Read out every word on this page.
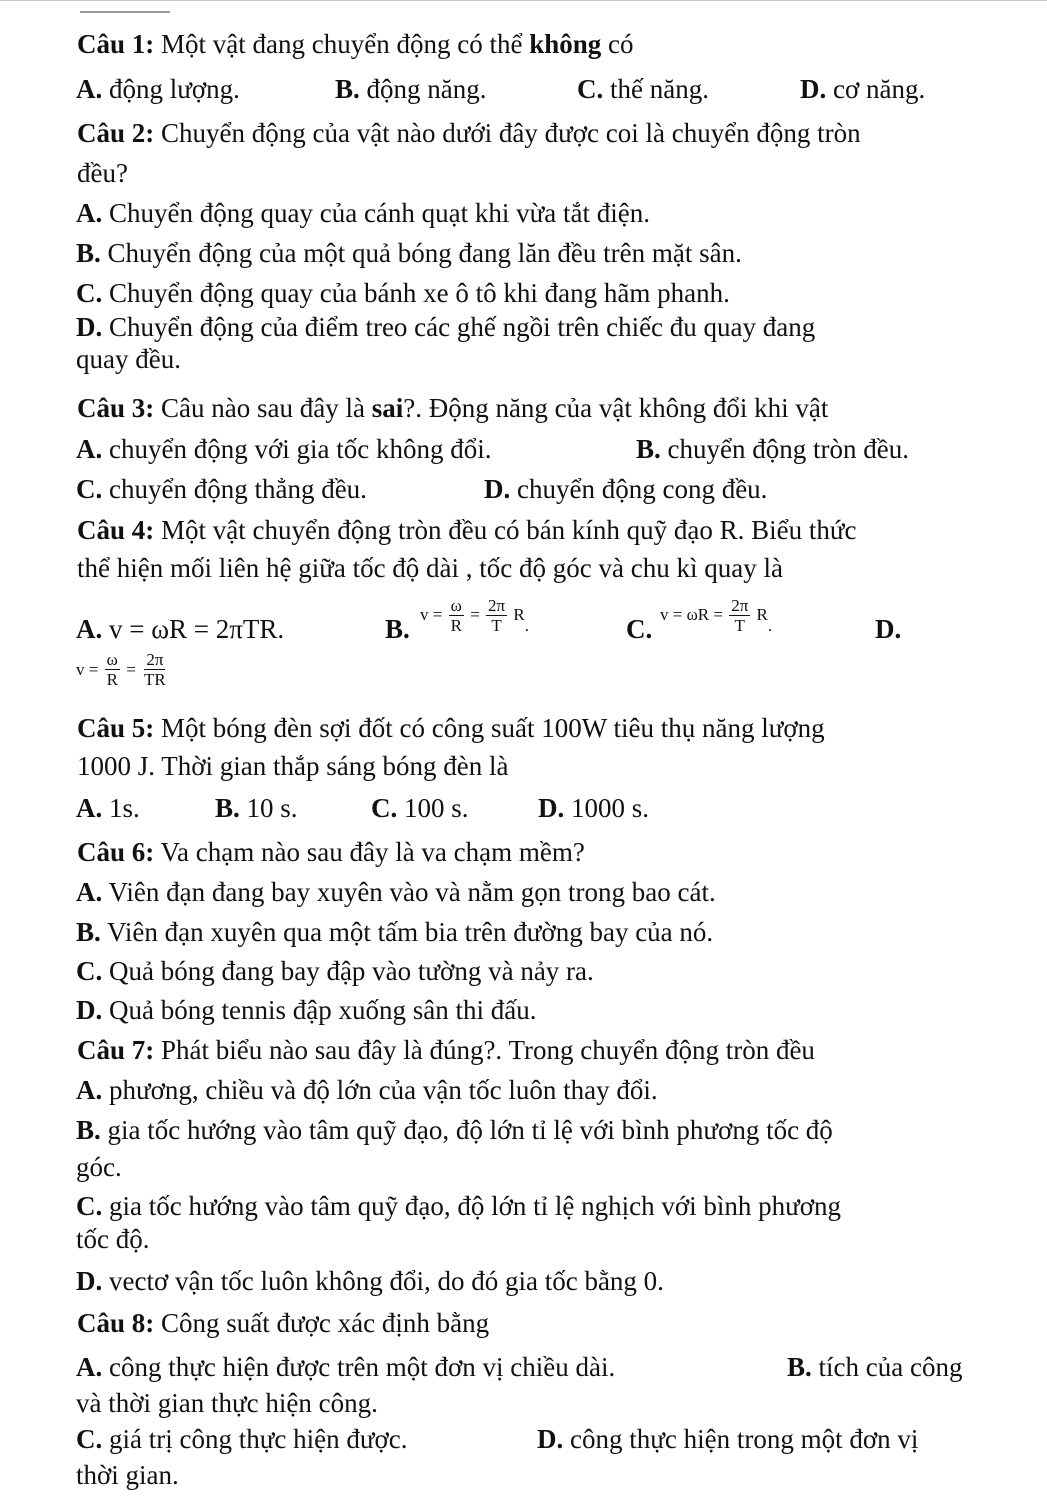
Câu 1: Một vật đang chuyển động có thể không có
A. động lượng.	B. động năng.	C. thế năng.	D. cơ năng.
Câu 2: Chuyển động của vật nào dưới đây được coi là chuyển động tròn
đều?
A. Chuyển động quay của cánh quạt khi vừa tắt điện.
B. Chuyển động của một quả bóng đang lăn đều trên mặt sân.
C. Chuyển động quay của bánh xe ô tô khi đang hãm phanh.
D. Chuyển động của điểm treo các ghế ngồi trên chiếc đu quay đang
quay đều.
Câu 3: Câu nào sau đây là sai?. Động năng của vật không đổi khi vật
A. chuyển động với gia tốc không đổi.	B. chuyển động tròn đều.
C. chuyển động thẳng đều.	D. chuyển động cong đều.
Câu 4: Một vật chuyển động tròn đều có bán kính quỹ đạo R. Biểu thức
thể hiện mối liên hệ giữa tốc độ dài , tốc độ góc và chu kì quay là
A. v = ωR = 2πTR.	B. $v = \frac{\omega}{R} = \frac{2\pi}{T} R$.	C. $v = \omega R = \frac{2\pi}{T} R$.	D.
$v = \frac{\omega}{R} = \frac{2\pi}{TR}$
Câu 5: Một bóng đèn sợi đốt có công suất 100W tiêu thụ năng lượng
1000 J. Thời gian thắp sáng bóng đèn là
A. 1s.	B. 10 s.	C. 100 s.	D. 1000 s.
Câu 6: Va chạm nào sau đây là va chạm mềm?
A. Viên đạn đang bay xuyên vào và nằm gọn trong bao cát.
B. Viên đạn xuyên qua một tấm bia trên đường bay của nó.
C. Quả bóng đang bay đập vào tường và nảy ra.
D. Quả bóng tennis đập xuống sân thi đấu.
Câu 7: Phát biểu nào sau đây là đúng?. Trong chuyển động tròn đều
A. phương, chiều và độ lớn của vận tốc luôn thay đổi.
B. gia tốc hướng vào tâm quỹ đạo, độ lớn tỉ lệ với bình phương tốc độ
góc.
C. gia tốc hướng vào tâm quỹ đạo, độ lớn tỉ lệ nghịch với bình phương
tốc độ.
D. vectơ vận tốc luôn không đổi, do đó gia tốc bằng 0.
Câu 8: Công suất được xác định bằng
A. công thực hiện được trên một đơn vị chiều dài.	B. tích của công
và thời gian thực hiện công.
C. giá trị công thực hiện được.	D. công thực hiện trong một đơn vị
thời gian.
